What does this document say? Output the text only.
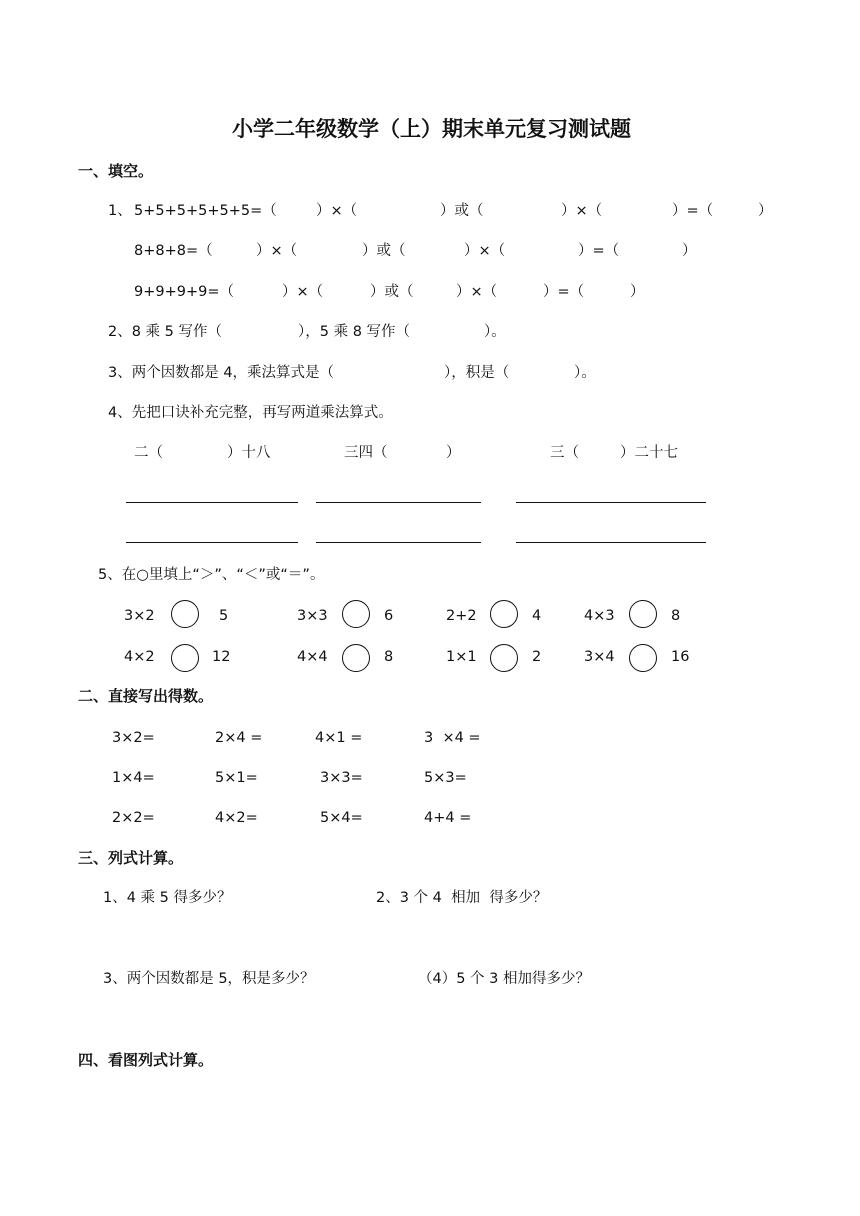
小学二年级数学（上）期末单元复习测试题
一、填空。
1、 5+5+5+5+5+5=（	）×（	）或（	）×（	）=（	）
8+8+8=（	）×（	）或（	）×（	）=（	）
9+9+9+9=（	）×（	）或（	）×（	）=（	）
2、8 乘 5 写作（	），5 乘 8 写作（	）。
3、两个因数都是 4，乘法算式是（	），积是（	）。
4、先把口诀补充完整，再写两道乘法算式。
二（	）十八	三四（	）	三（	）二十七
5、在○里填上“＞”、“＜”或“＝”。
3×2	5	3×3	6	2+2	4	4×3	8
4×2	12	4×4	8	1×1	2	3×4	16
二、直接写出得数。
3×2=	2×4 =	4×1 =	3  ×4 =
1×4=	5×1=	3×3=	5×3=
2×2=	4×2=	5×4=	4+4 =
三、列式计算。
1、4 乘 5 得多少？	2、3 个 4  相加  得多少？
3、两个因数都是 5，积是多少？	（4）5 个 3 相加得多少？
四、看图列式计算。
